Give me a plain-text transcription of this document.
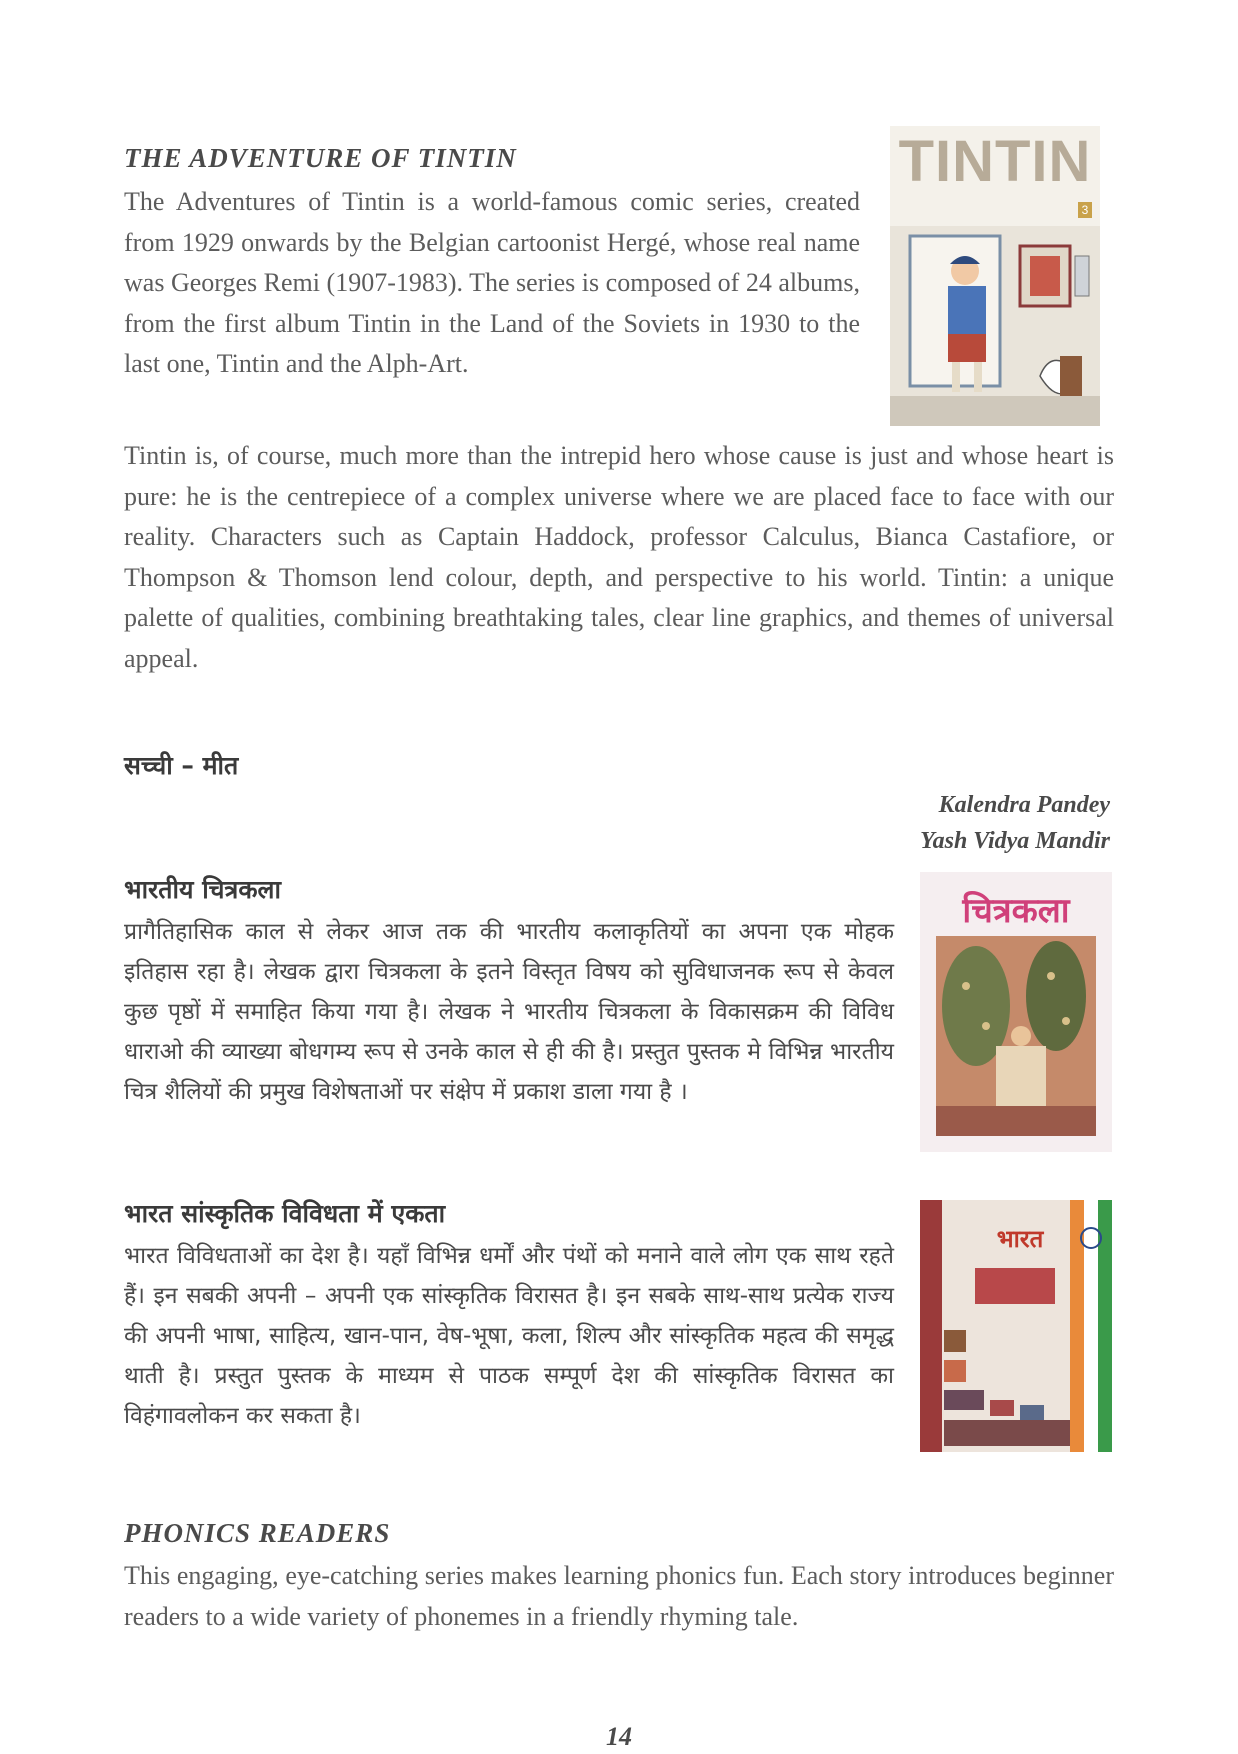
THE ADVENTURE OF TINTIN

The Adventures of Tintin is a world-famous comic series, created from 1929 onwards by the Belgian cartoonist Hergé, whose real name was Georges Remi (1907-1983). The series is composed of 24 albums, from the first album Tintin in the Land of the Soviets in 1930 to the last one, Tintin and the Alph-Art.

TINTIN
3

Tintin is, of course, much more than the intrepid hero whose cause is just and whose heart is pure: he is the centrepiece of a complex universe where we are placed face to face with our reality. Characters such as Captain Haddock, professor Calculus, Bianca Castafiore, or Thompson & Thomson lend colour, depth, and perspective to his world. Tintin: a unique palette of qualities, combining breathtaking tales, clear line graphics, and themes of universal appeal.

सच्ची – मीत

Kalendra Pandey

Yash Vidya Mandir

भारतीय चित्रकला

प्रागैतिहासिक काल से लेकर आज तक की भारतीय कलाकृतियों का अपना एक मोहक इतिहास रहा है। लेखक द्वारा चित्रकला के इतने विस्तृत विषय को सुविधाजनक रूप से केवल कुछ पृष्ठों में समाहित किया गया है। लेखक ने भारतीय चित्रकला के विकासक्रम की विविध धाराओ की व्याख्या बोधगम्य रूप से उनके काल से ही की है। प्रस्तुत पुस्तक मे विभिन्न भारतीय चित्र शैलियों की प्रमुख विशेषताओं पर संक्षेप में प्रकाश डाला गया है ।

चित्रकला
भारत सांस्कृतिक विविधता में एकता

भारत विविधताओं का देश है। यहाँ विभिन्न धर्मों और पंथों को मनाने वाले लोग एक साथ रहते हैं। इन सबकी अपनी – अपनी एक सांस्कृतिक विरासत है। इन सबके साथ-साथ प्रत्येक राज्य की अपनी भाषा, साहित्य, खान-पान, वेष-भूषा, कला, शिल्प और सांस्कृतिक महत्व की समृद्ध थाती है। प्रस्तुत पुस्तक के माध्यम से पाठक सम्पूर्ण देश की सांस्कृतिक विरासत का विहंगावलोकन कर सकता है।

भारत
PHONICS READERS

This engaging, eye-catching series makes learning phonics fun. Each story introduces beginner readers to a wide variety of phonemes in a friendly rhyming tale.

14
